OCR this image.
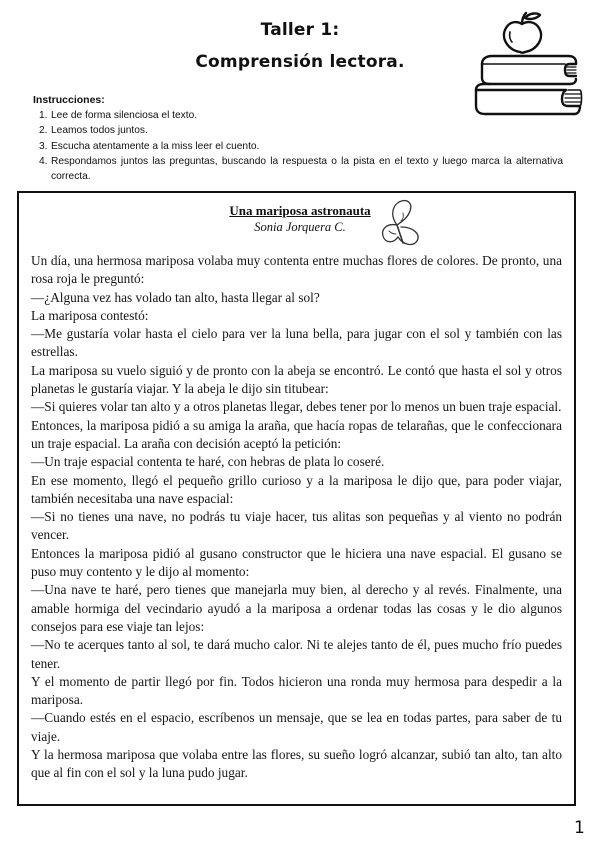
Taller 1:
Comprensión lectora.
Instrucciones:
1. Lee de forma silenciosa el texto.
2. Leamos todos juntos.
3. Escucha atentamente a la miss leer el cuento.
4. Respondamos juntos las preguntas, buscando la respuesta o la pista en el texto y luego marca la alternativa correcta.
Una mariposa astronauta
Sonia Jorquera C.

Un día, una hermosa mariposa volaba muy contenta entre muchas flores de colores. De pronto, una rosa roja le preguntó:

—¿Alguna vez has volado tan alto, hasta llegar al sol?

La mariposa contestó:

—Me gustaría volar hasta el cielo para ver la luna bella, para jugar con el sol y también con las estrellas.

La mariposa su vuelo siguió y de pronto con la abeja se encontró. Le contó que hasta el sol y otros planetas le gustaría viajar. Y la abeja le dijo sin titubear:

—Si quieres volar tan alto y a otros planetas llegar, debes tener por lo menos un buen traje espacial.

Entonces, la mariposa pidió a su amiga la araña, que hacía ropas de telarañas, que le confeccionara un traje espacial. La araña con decisión aceptó la petición:

—Un traje espacial contenta te haré, con hebras de plata lo coseré.

En ese momento, llegó el pequeño grillo curioso y a la mariposa le dijo que, para poder viajar, también necesitaba una nave espacial:

—Si no tienes una nave, no podrás tu viaje hacer, tus alitas son pequeñas y al viento no podrán vencer.

Entonces la mariposa pidió al gusano constructor que le hiciera una nave espacial. El gusano se puso muy contento y le dijo al momento:

—Una nave te haré, pero tienes que manejarla muy bien, al derecho y al revés. Finalmente, una amable hormiga del vecindario ayudó a la mariposa a ordenar todas las cosas y le dio algunos consejos para ese viaje tan lejos:

—No te acerques tanto al sol, te dará mucho calor. Ni te alejes tanto de él, pues mucho frío puedes tener.

Y el momento de partir llegó por fin. Todos hicieron una ronda muy hermosa para despedir a la mariposa.

—Cuando estés en el espacio, escríbenos un mensaje, que se lea en todas partes, para saber de tu viaje.

Y la hermosa mariposa que volaba entre las flores, su sueño logró alcanzar, subió tan alto, tan alto que al fin con el sol y la luna pudo jugar.

1
